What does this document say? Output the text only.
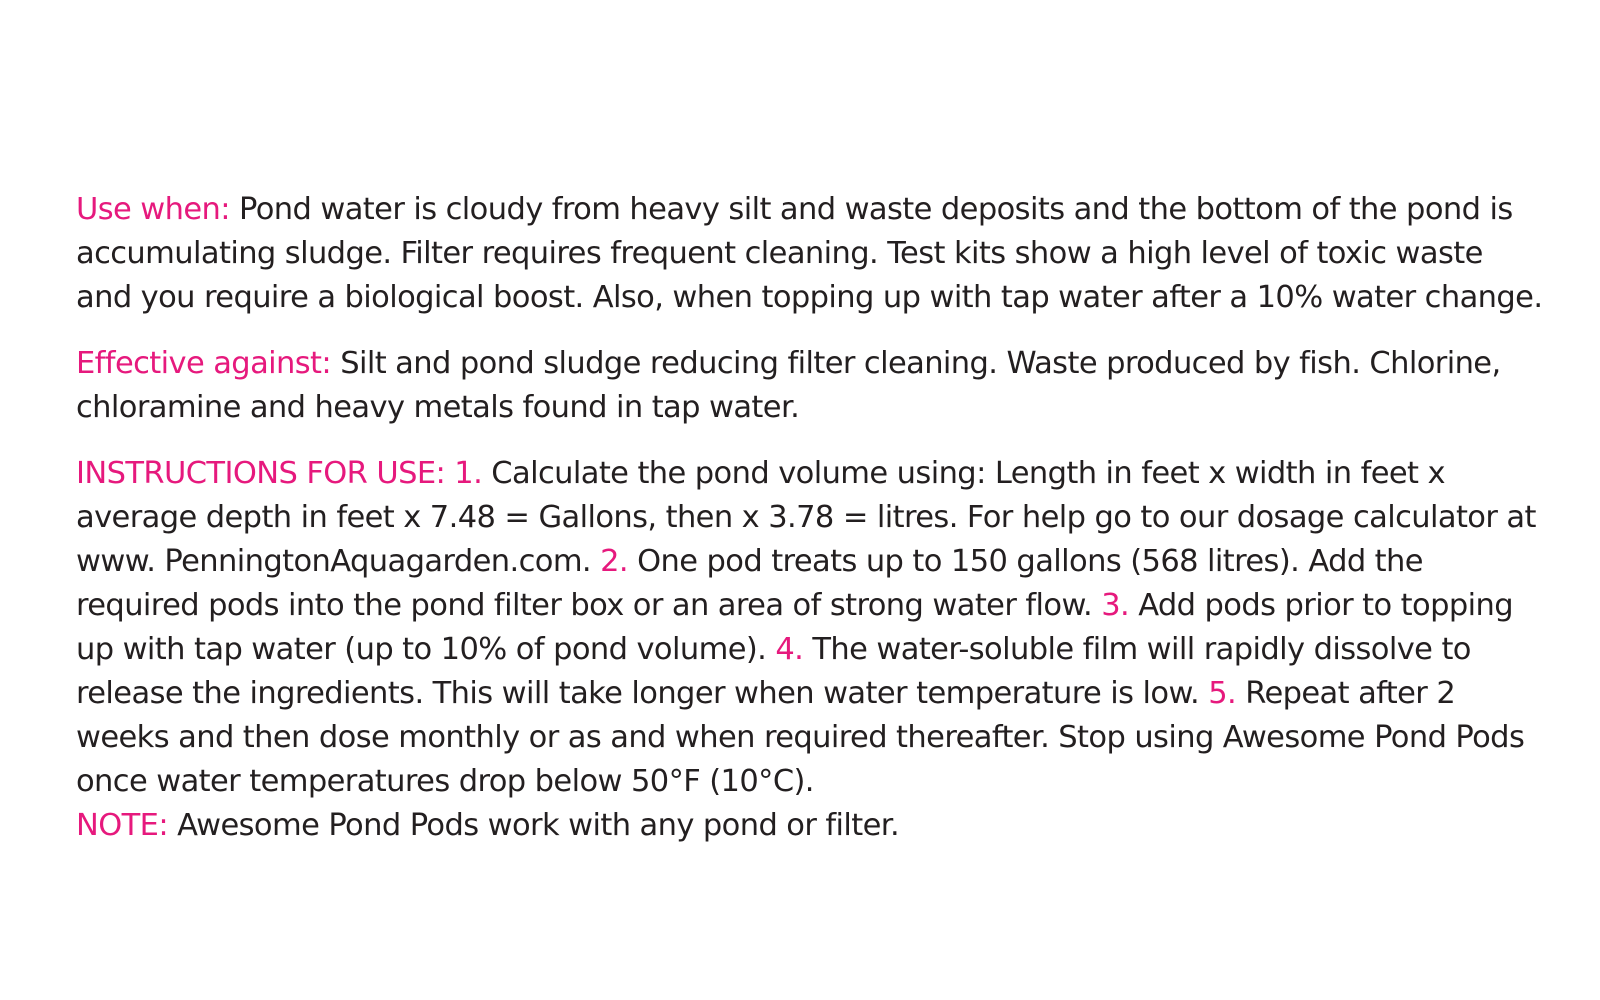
Use when: Pond water is cloudy from heavy silt and waste deposits and the bottom of the pond is accumulating sludge. Filter requires frequent cleaning. Test kits show a high level of toxic waste and you require a biological boost. Also, when topping up with tap water after a 10% water change.

Effective against: Silt and pond sludge reducing filter cleaning. Waste produced by fish. Chlorine, chloramine and heavy metals found in tap water.

INSTRUCTIONS FOR USE: 1. Calculate the pond volume using: Length in feet x width in feet x average depth in feet x 7.48 = Gallons, then x 3.78 = litres. For help go to our dosage calculator at www. PenningtonAquagarden.com. 2. One pod treats up to 150 gallons (568 litres). Add the required pods into the pond filter box or an area of strong water flow. 3. Add pods prior to topping up with tap water (up to 10% of pond volume). 4. The water-soluble film will rapidly dissolve to release the ingredients. This will take longer when water temperature is low. 5. Repeat after 2 weeks and then dose monthly or as and when required thereafter. Stop using Awesome Pond Pods once water temperatures drop below 50°F (10°C).
NOTE: Awesome Pond Pods work with any pond or filter.
